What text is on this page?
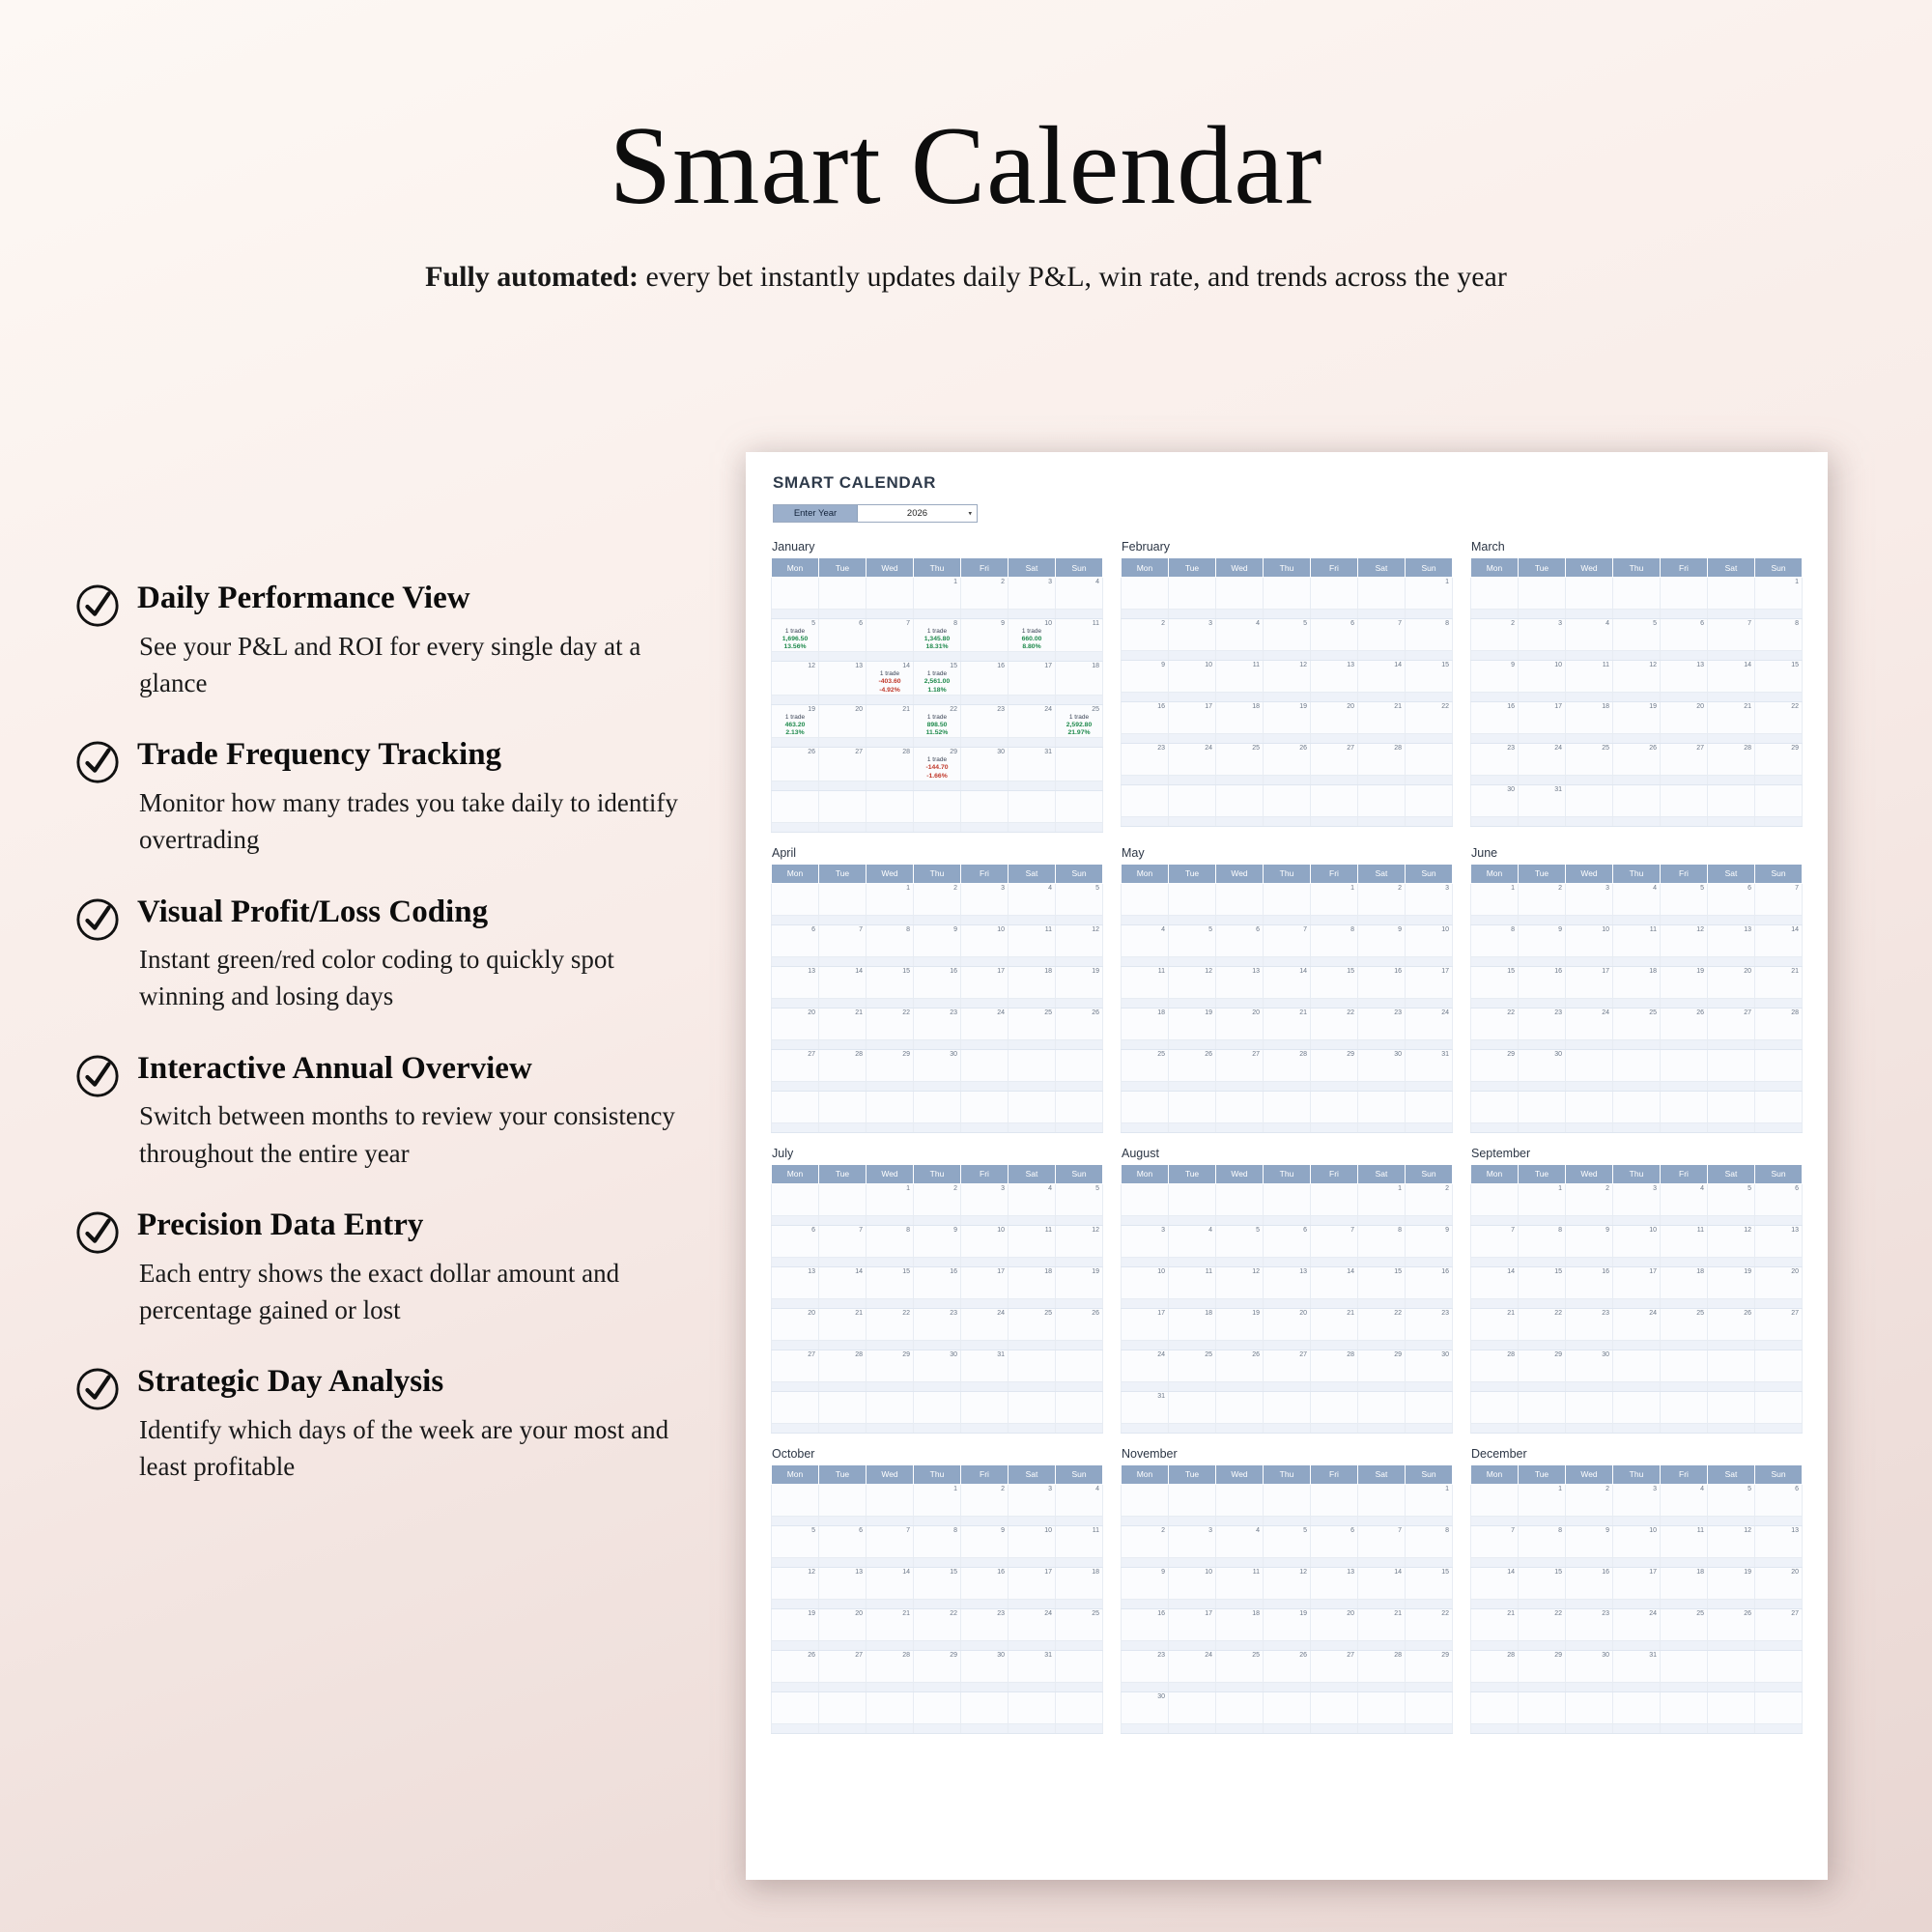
Smart Calendar

Fully automated: every bet instantly updates daily P&L, win rate, and trends across the year

Daily Performance View
See your P&L and ROI for every single day at a glance
Trade Frequency Tracking
Monitor how many trades you take daily to identify overtrading
Visual Profit/Loss Coding
Instant green/red color coding to quickly spot winning and losing days
Interactive Annual Overview
Switch between months to review your consistency throughout the entire year
Precision Data Entry
Each entry shows the exact dollar amount and percentage gained or lost
Strategic Day Analysis
Identify which days of the week are your most and least profitable
SMART CALENDAR
Enter Year	2026	▾
January
Mon	Tue	Wed	Thu	Fri	Sat	Sun

			1	2	3	4

5
1 trade
1,696.50
13.56%	6	7	8
1 trade
1,345.80
18.31%	9	10
1 trade
660.00
8.80%	11

12	13	14
1 trade
-403.60
-4.92%	15
1 trade
2,561.00
1.18%	16	17	18

19
1 trade
463.20
2.13%	20	21	22
1 trade
898.50
11.52%	23	24	25
1 trade
2,592.80
21.97%

26	27	28	29
1 trade
-144.70
-1.66%	30	31	

February
Mon	Tue	Wed	Thu	Fri	Sat	Sun

						1

2	3	4	5	6	7	8

9	10	11	12	13	14	15

16	17	18	19	20	21	22

23	24	25	26	27	28	

March
Mon	Tue	Wed	Thu	Fri	Sat	Sun

						1

2	3	4	5	6	7	8

9	10	11	12	13	14	15

16	17	18	19	20	21	22

23	24	25	26	27	28	29

30	31					

April
Mon	Tue	Wed	Thu	Fri	Sat	Sun

		1	2	3	4	5

6	7	8	9	10	11	12

13	14	15	16	17	18	19

20	21	22	23	24	25	26

27	28	29	30			

May
Mon	Tue	Wed	Thu	Fri	Sat	Sun

				1	2	3

4	5	6	7	8	9	10

11	12	13	14	15	16	17

18	19	20	21	22	23	24

25	26	27	28	29	30	31

June
Mon	Tue	Wed	Thu	Fri	Sat	Sun

1	2	3	4	5	6	7

8	9	10	11	12	13	14

15	16	17	18	19	20	21

22	23	24	25	26	27	28

29	30					

July
Mon	Tue	Wed	Thu	Fri	Sat	Sun

		1	2	3	4	5

6	7	8	9	10	11	12

13	14	15	16	17	18	19

20	21	22	23	24	25	26

27	28	29	30	31		

August
Mon	Tue	Wed	Thu	Fri	Sat	Sun

					1	2

3	4	5	6	7	8	9

10	11	12	13	14	15	16

17	18	19	20	21	22	23

24	25	26	27	28	29	30

31						

September
Mon	Tue	Wed	Thu	Fri	Sat	Sun

	1	2	3	4	5	6

7	8	9	10	11	12	13

14	15	16	17	18	19	20

21	22	23	24	25	26	27

28	29	30				

October
Mon	Tue	Wed	Thu	Fri	Sat	Sun

			1	2	3	4

5	6	7	8	9	10	11

12	13	14	15	16	17	18

19	20	21	22	23	24	25

26	27	28	29	30	31	

November
Mon	Tue	Wed	Thu	Fri	Sat	Sun

						1

2	3	4	5	6	7	8

9	10	11	12	13	14	15

16	17	18	19	20	21	22

23	24	25	26	27	28	29

30						

December
Mon	Tue	Wed	Thu	Fri	Sat	Sun

	1	2	3	4	5	6

7	8	9	10	11	12	13

14	15	16	17	18	19	20

21	22	23	24	25	26	27

28	29	30	31			
